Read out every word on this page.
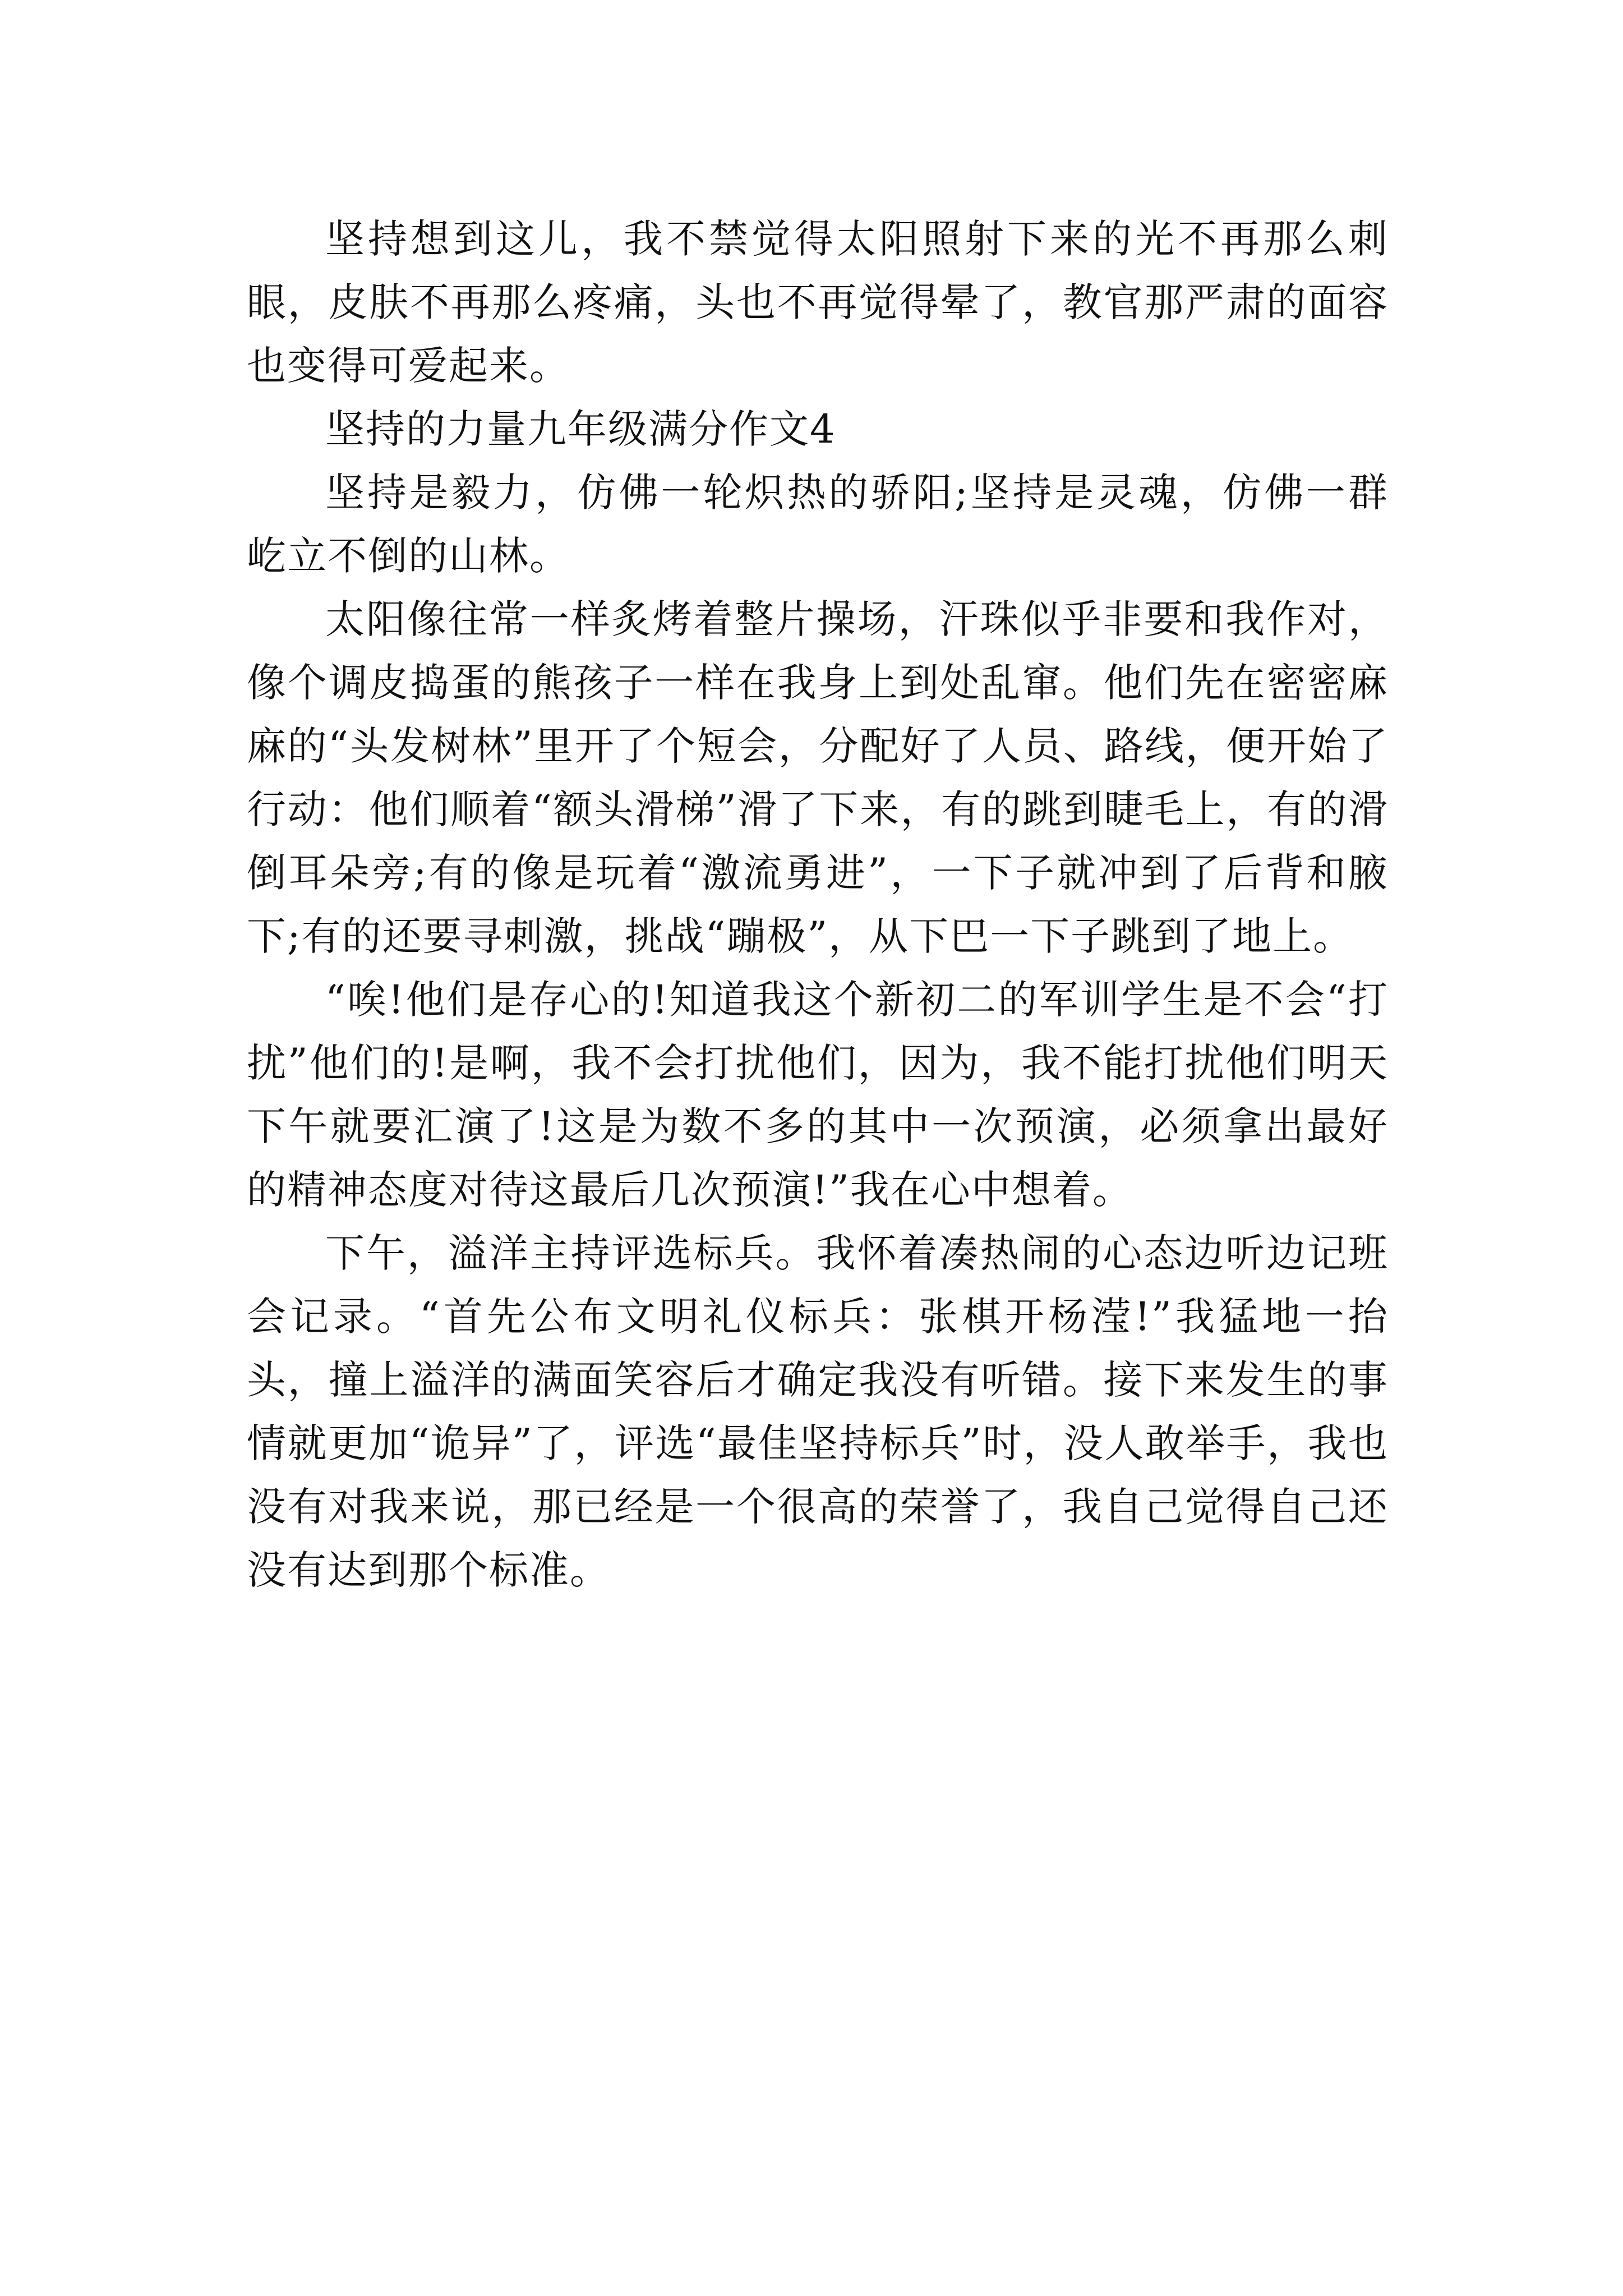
坚持想到这儿，我不禁觉得太阳照射下来的光不再那么刺眼，皮肤不再那么疼痛，头也不再觉得晕了，教官那严肃的面容也变得可爱起来。

坚持的力量九年级满分作文4

坚持是毅力，仿佛一轮炽热的骄阳;坚持是灵魂，仿佛一群屹立不倒的山林。

太阳像往常一样炙烤着整片操场，汗珠似乎非要和我作对，像个调皮捣蛋的熊孩子一样在我身上到处乱窜。他们先在密密麻麻的“头发树林”里开了个短会，分配好了人员、路线，便开始了行动：他们顺着“额头滑梯”滑了下来，有的跳到睫毛上，有的滑倒耳朵旁;有的像是玩着“激流勇进”，一下子就冲到了后背和腋下;有的还要寻刺激，挑战“蹦极”，从下巴一下子跳到了地上。

“唉!他们是存心的!知道我这个新初二的军训学生是不会“打扰”他们的!是啊，我不会打扰他们，因为，我不能打扰他们明天下午就要汇演了!这是为数不多的其中一次预演，必须拿出最好的精神态度对待这最后几次预演!”我在心中想着。

下午，溢洋主持评选标兵。我怀着凑热闹的心态边听边记班会记录。“首先公布文明礼仪标兵：张棋开杨滢!”我猛地一抬头，撞上溢洋的满面笑容后才确定我没有听错。接下来发生的事情就更加“诡异”了，评选“最佳坚持标兵”时，没人敢举手，我也没有对我来说，那已经是一个很高的荣誉了，我自己觉得自己还没有达到那个标准。
